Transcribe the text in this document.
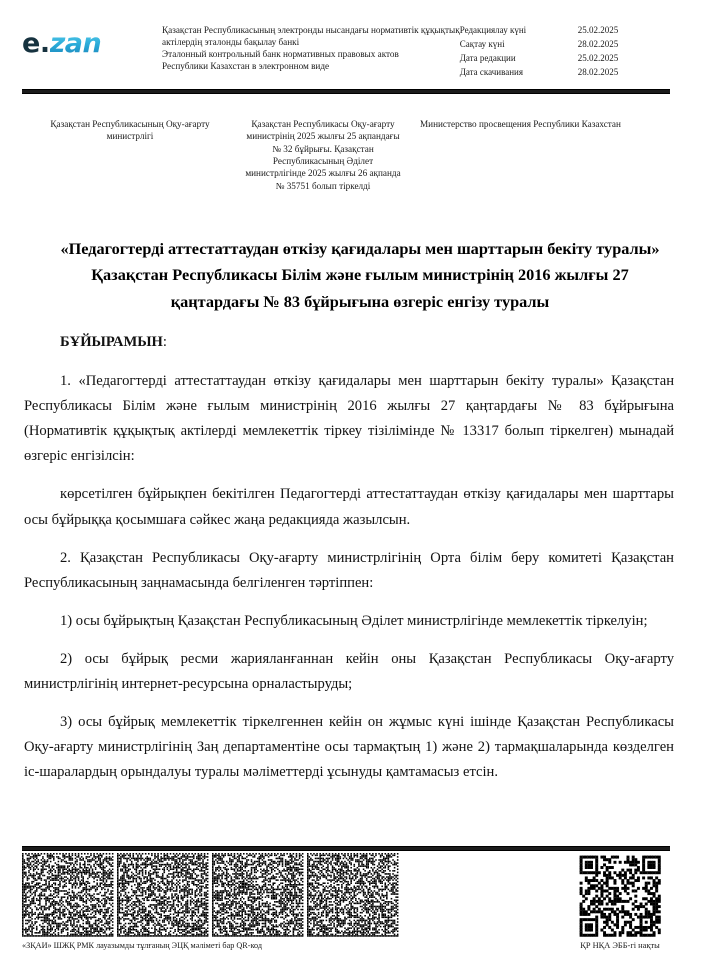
e.zan	Қазақстан Республикасының электронды нысандағы нормативтік құқықтық
актілердің эталонды бақылау банкі
Эталонный контрольный банк нормативных правовых актов
Республики Казахстан в электронном виде
Редакциялау күні	25.02.2025
Сақтау күні	28.02.2025
Дата редакции	25.02.2025
Дата скачивания	28.02.2025
Қазақстан Республикасының Оқу-ағарту министрлігі
Қазақстан Республикасы Оқу-ағарту министрінің 2025 жылғы 25 ақпандағы № 32 бұйрығы. Қазақстан Республикасының Әділет министрлігінде 2025 жылғы 26 ақпанда № 35751 болып тіркелді
Министерство просвещения Республики Казахстан
«Педагогтерді аттестаттаудан өткізу қағидалары мен шарттарын бекіту туралы» Қазақстан Республикасы Білім және ғылым министрінің 2016 жылғы 27 қаңтардағы № 83 бұйрығына өзгеріс енгізу туралы
БҰЙЫРАМЫН:

1. «Педагогтерді аттестаттаудан өткізу қағидалары мен шарттарын бекіту туралы» Қазақстан Республикасы Білім және ғылым министрінің 2016 жылғы 27 қаңтардағы № 83 бұйрығына (Нормативтік құқықтық актілерді мемлекеттік тіркеу тізілімінде № 13317 болып тіркелген) мынадай өзгеріс енгізілсін:

көрсетілген бұйрықпен бекітілген Педагогтерді аттестаттаудан өткізу қағидалары мен шарттары осы бұйрыққа қосымшаға сәйкес жаңа редакцияда жазылсын.

2. Қазақстан Республикасы Оқу-ағарту министрлігінің Орта білім беру комитеті Қазақстан Республикасының заңнамасында белгіленген тәртіппен:

1) осы бұйрықтың Қазақстан Республикасының Әділет министрлігінде мемлекеттік тіркелуін;

2) осы бұйрық ресми жарияланғаннан кейін оны Қазақстан Республикасы Оқу-ағарту министрлігінің интернет-ресурсына орналастыруды;

3) осы бұйрық мемлекеттік тіркелгеннен кейін он жұмыс күні ішінде Қазақстан Республикасы Оқу-ағарту министрлігінің Заң департаментіне осы тармақтың 1) және 2) тармақшаларында көзделген іс-шаралардың орындалуы туралы мәліметтерді ұсынуды қамтамасыз етсін.

«ЗҚАИ» ШЖҚ РМК лауазымды тұлғаның ЭЦҚ мәліметі бар QR-код	ҚР НҚА ЭББ-гі нақты
